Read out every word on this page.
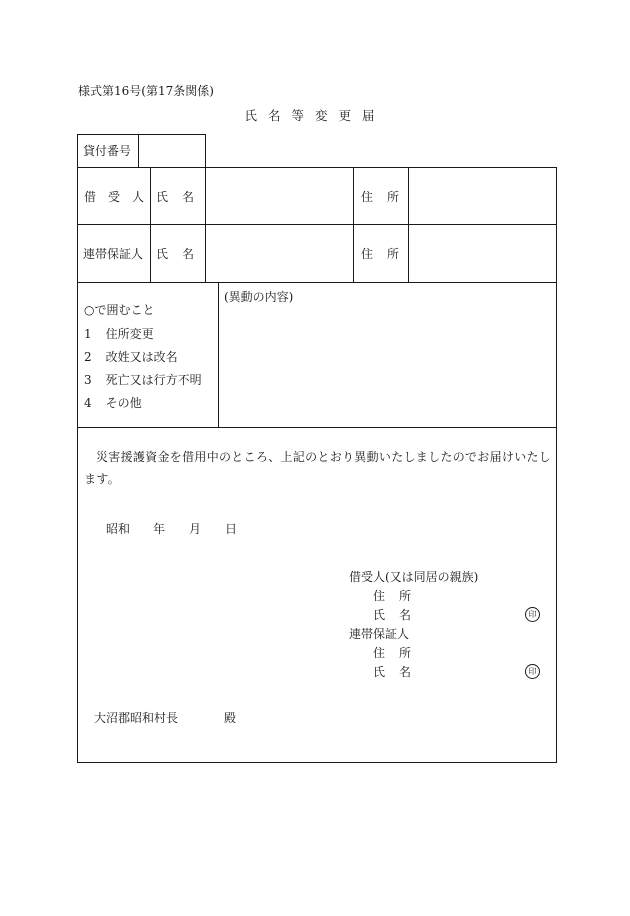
様式第16号(第17条関係)
氏名等変更届
貸付番号
借受人 氏名	住所
連帯保証人 氏名	住所
○で囲むこと
1 住所変更
2 改姓又は改名
3 死亡又は行方不明
4 その他
(異動の内容)
災害援護資金を借用中のところ、上記のとおり異動いたしましたのでお届けいたします。
昭和 年 月 日
借受人(又は同居の親族)
住所
氏名	印
連帯保証人
住所
氏名	印
大沼郡昭和村長	殿
